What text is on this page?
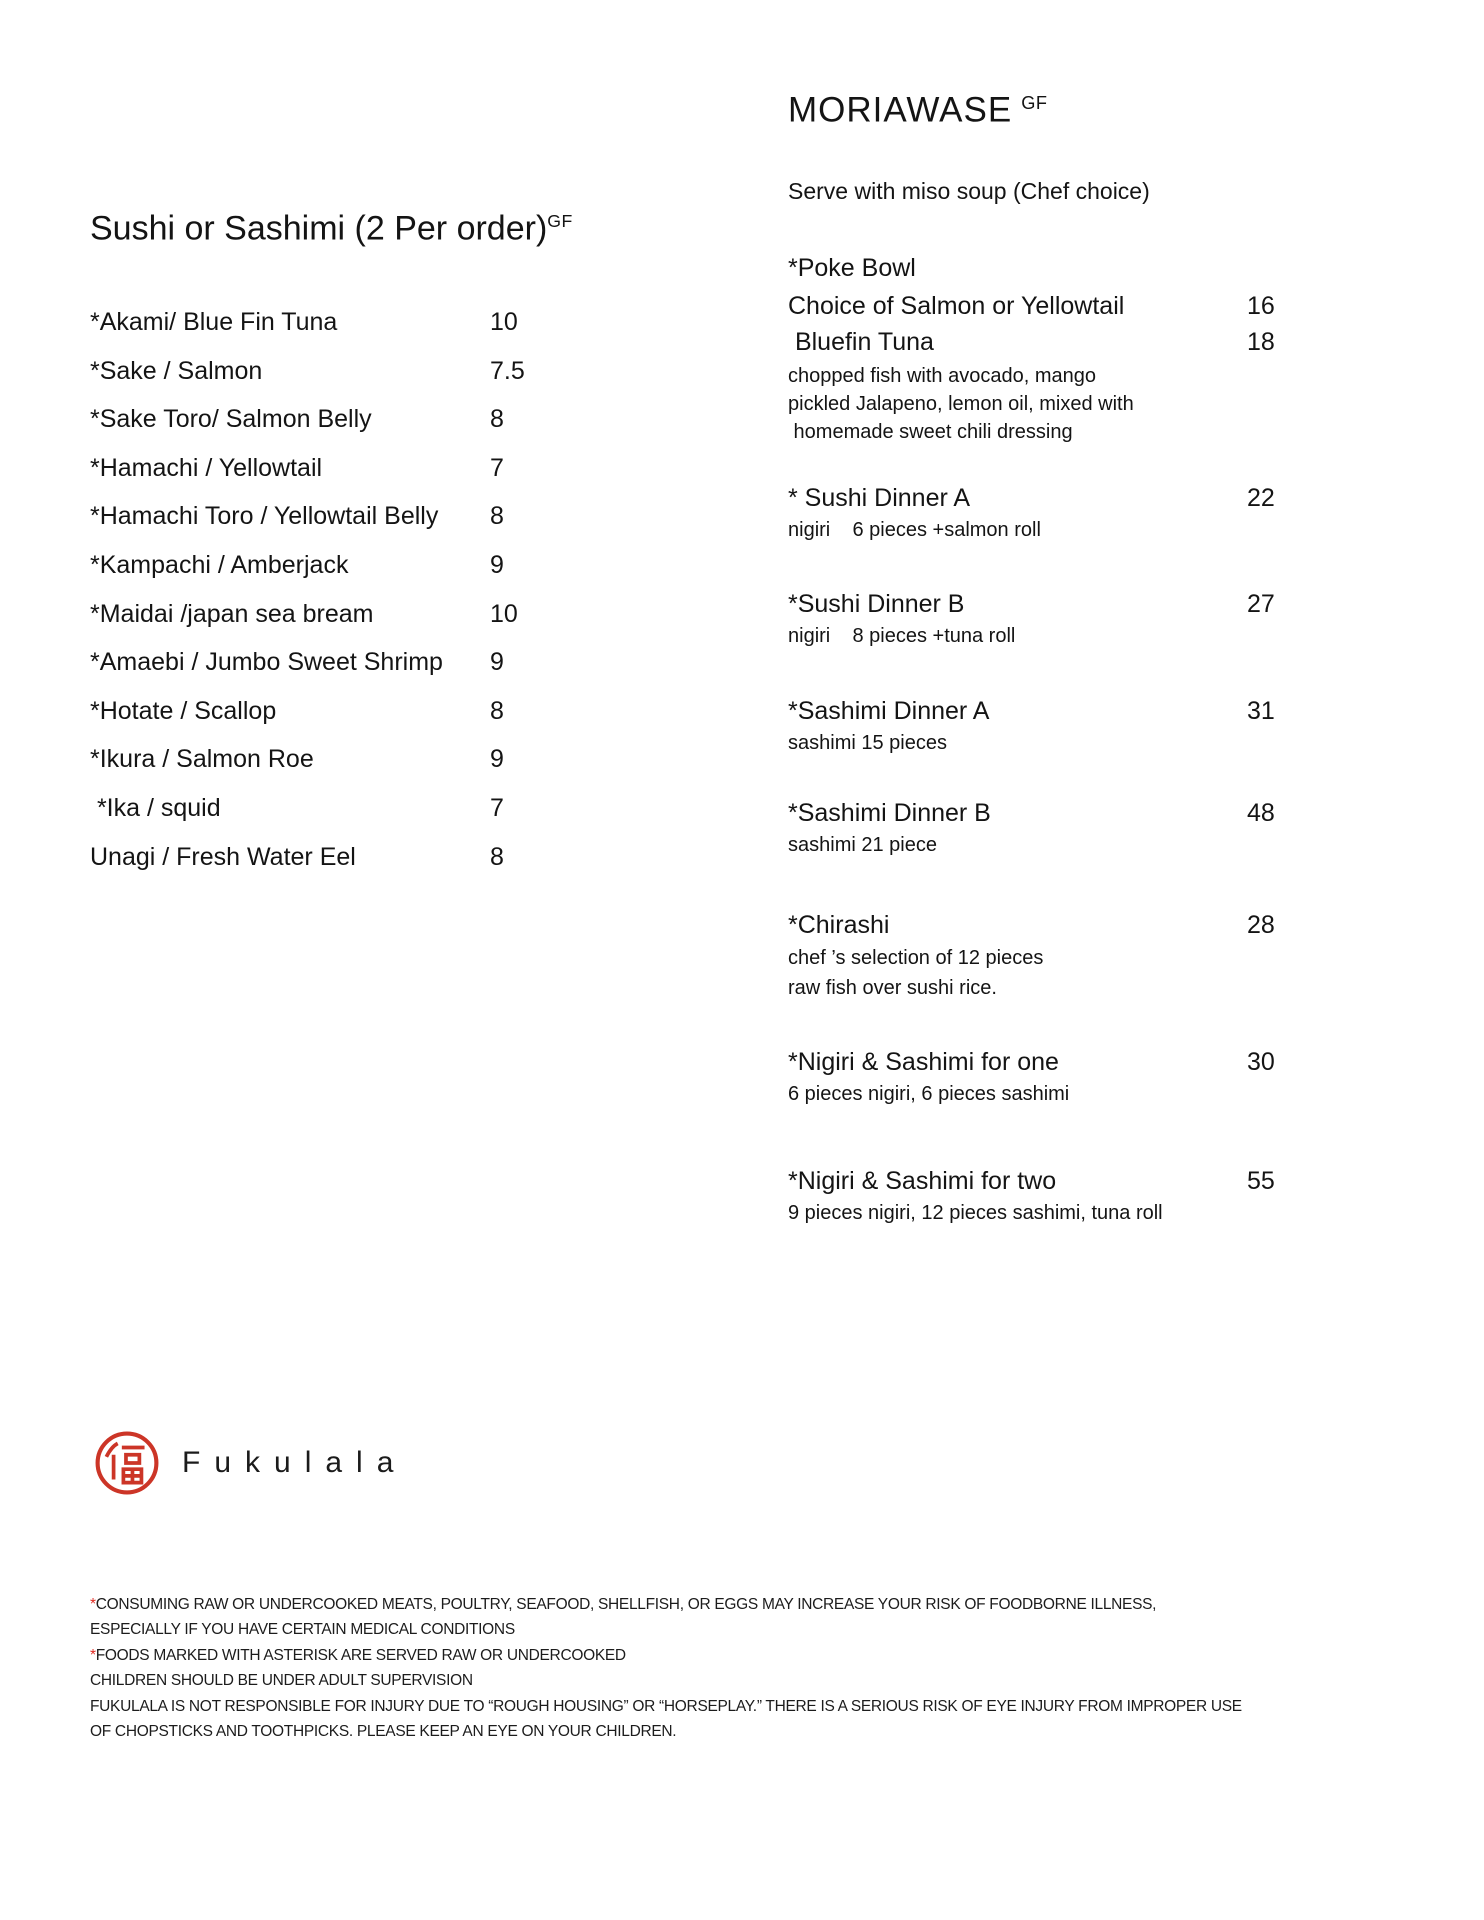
Sushi or Sashimi (2 Per order)$^{GF}$
*Akami/ Blue Fin Tuna	10
*Sake / Salmon	7.5
*Sake Toro/ Salmon Belly	8
*Hamachi / Yellowtail	7
*Hamachi Toro / Yellowtail Belly 8
*Kampachi / Amberjack	9
*Maidai /japan sea bream	10
*Amaebi / Jumbo Sweet Shrimp 9
*Hotate / Scallop	8
*Ikura / Salmon Roe	9
*Ika / squid	7
Unagi / Fresh Water Eel	8
MORIAWASE $^{GF}$
Serve with miso soup (Chef choice)
*Poke Bowl
Choice of Salmon or Yellowtail	16
Bluefin Tuna	18
chopped fish with avocado, mango
pickled Jalapeno, lemon oil, mixed with
homemade sweet chili dressing
* Sushi Dinner A	22
nigiri    6 pieces +salmon roll
*Sushi Dinner B	27
nigiri    8 pieces +tuna roll
*Sashimi Dinner A	31
sashimi 15 pieces
*Sashimi Dinner B	48
sashimi 21 piece
*Chirashi	28
chef ’s selection of 12 pieces
raw fish over sushi rice.
*Nigiri & Sashimi for one	30
6 pieces nigiri, 6 pieces sashimi
*Nigiri & Sashimi for two	55
9 pieces nigiri, 12 pieces sashimi, tuna roll
Fukulala
*CONSUMING RAW OR UNDERCOOKED MEATS, POULTRY, SEAFOOD, SHELLFISH, OR EGGS MAY INCREASE YOUR RISK OF FOODBORNE ILLNESS,
ESPECIALLY IF YOU HAVE CERTAIN MEDICAL CONDITIONS
*FOODS MARKED WITH ASTERISK ARE SERVED RAW OR UNDERCOOKED
CHILDREN SHOULD BE UNDER ADULT SUPERVISION
FUKULALA IS NOT RESPONSIBLE FOR INJURY DUE TO “ROUGH HOUSING” OR “HORSEPLAY.” THERE IS A SERIOUS RISK OF EYE INJURY FROM IMPROPER USE
OF CHOPSTICKS AND TOOTHPICKS. PLEASE KEEP AN EYE ON YOUR CHILDREN.
